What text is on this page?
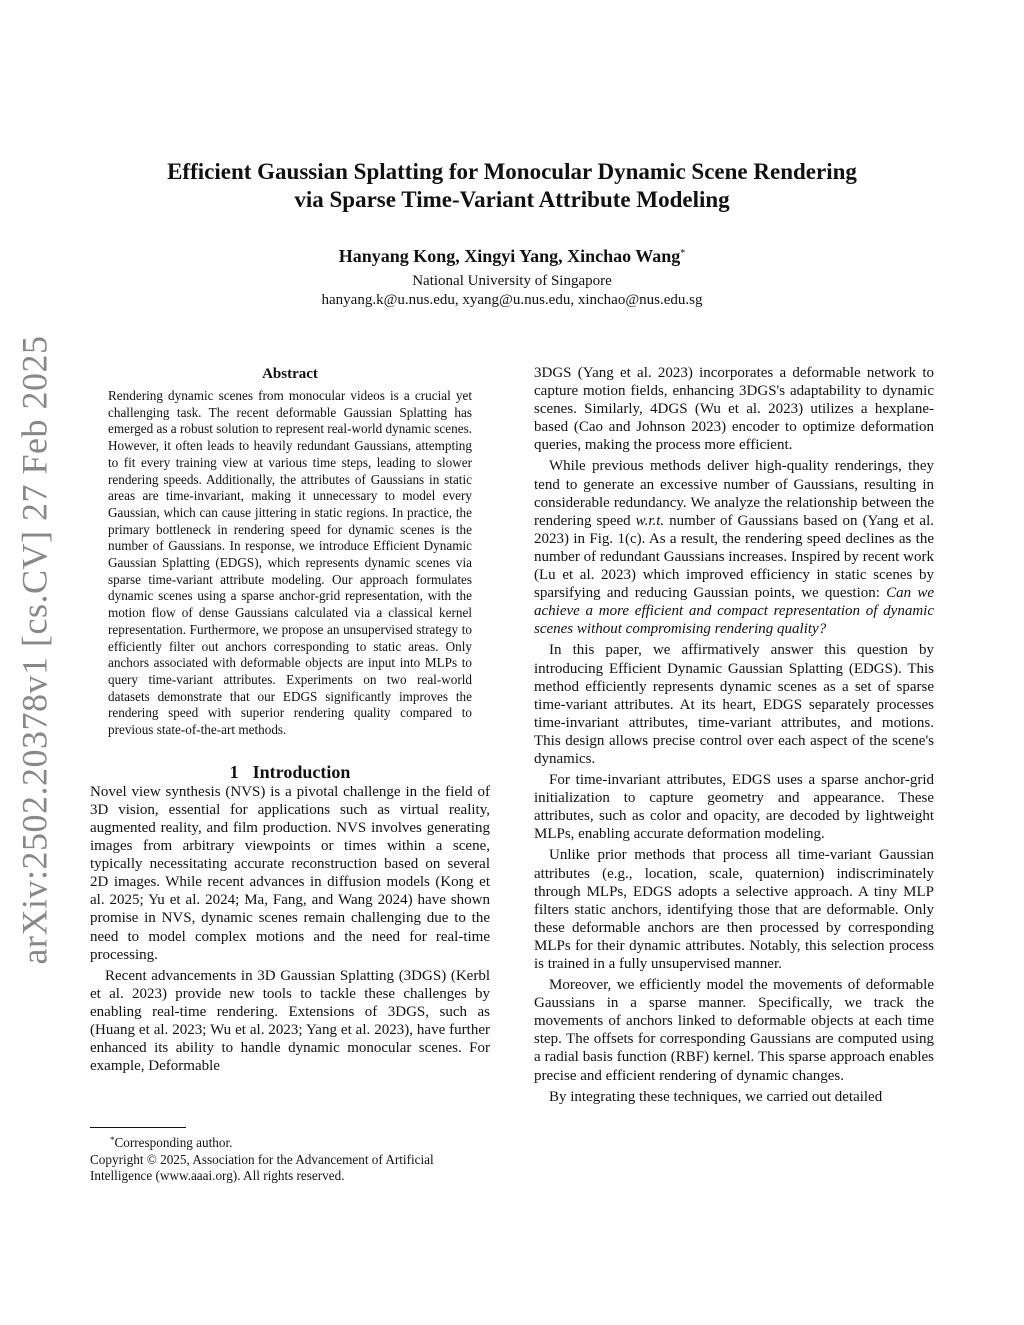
arXiv:2502.20378v1 [cs.CV] 27 Feb 2025
Efficient Gaussian Splatting for Monocular Dynamic Scene Rendering
via Sparse Time-Variant Attribute Modeling
Hanyang Kong, Xingyi Yang, Xinchao Wang*
National University of Singapore
hanyang.k@u.nus.edu, xyang@u.nus.edu, xinchao@nus.edu.sg
Abstract

Rendering dynamic scenes from monocular videos is a crucial yet challenging task. The recent deformable Gaussian Splatting has emerged as a robust solution to represent real-world dynamic scenes. However, it often leads to heavily redundant Gaussians, attempting to fit every training view at various time steps, leading to slower rendering speeds. Additionally, the attributes of Gaussians in static areas are time-invariant, making it unnecessary to model every Gaussian, which can cause jittering in static regions. In practice, the primary bottleneck in rendering speed for dynamic scenes is the number of Gaussians. In response, we introduce Efficient Dynamic Gaussian Splatting (EDGS), which represents dynamic scenes via sparse time-variant attribute modeling. Our approach formulates dynamic scenes using a sparse anchor-grid representation, with the motion flow of dense Gaussians calculated via a classical kernel representation. Furthermore, we propose an unsupervised strategy to efficiently filter out anchors corresponding to static areas. Only anchors associated with deformable objects are input into MLPs to query time-variant attributes. Experiments on two real-world datasets demonstrate that our EDGS significantly improves the rendering speed with superior rendering quality compared to previous state-of-the-art methods.

1 Introduction

Novel view synthesis (NVS) is a pivotal challenge in the field of 3D vision, essential for applications such as virtual reality, augmented reality, and film production. NVS involves generating images from arbitrary viewpoints or times within a scene, typically necessitating accurate reconstruction based on several 2D images. While recent advances in diffusion models (Kong et al. 2025; Yu et al. 2024; Ma, Fang, and Wang 2024) have shown promise in NVS, dynamic scenes remain challenging due to the need to model complex motions and the need for real-time processing.

Recent advancements in 3D Gaussian Splatting (3DGS) (Kerbl et al. 2023) provide new tools to tackle these challenges by enabling real-time rendering. Extensions of 3DGS, such as (Huang et al. 2023; Wu et al. 2023; Yang et al. 2023), have further enhanced its ability to handle dynamic monocular scenes. For example, Deformable

*Corresponding author.
Copyright © 2025, Association for the Advancement of Artificial Intelligence (www.aaai.org). All rights reserved.

3DGS (Yang et al. 2023) incorporates a deformable network to capture motion fields, enhancing 3DGS's adaptability to dynamic scenes. Similarly, 4DGS (Wu et al. 2023) utilizes a hexplane-based (Cao and Johnson 2023) encoder to optimize deformation queries, making the process more efficient.

While previous methods deliver high-quality renderings, they tend to generate an excessive number of Gaussians, resulting in considerable redundancy. We analyze the relationship between the rendering speed w.r.t. number of Gaussians based on (Yang et al. 2023) in Fig. 1(c). As a result, the rendering speed declines as the number of redundant Gaussians increases. Inspired by recent work (Lu et al. 2023) which improved efficiency in static scenes by sparsifying and reducing Gaussian points, we question: Can we achieve a more efficient and compact representation of dynamic scenes without compromising rendering quality?

In this paper, we affirmatively answer this question by introducing Efficient Dynamic Gaussian Splatting (EDGS). This method efficiently represents dynamic scenes as a set of sparse time-variant attributes. At its heart, EDGS separately processes time-invariant attributes, time-variant attributes, and motions. This design allows precise control over each aspect of the scene's dynamics.

For time-invariant attributes, EDGS uses a sparse anchor-grid initialization to capture geometry and appearance. These attributes, such as color and opacity, are decoded by lightweight MLPs, enabling accurate deformation modeling.

Unlike prior methods that process all time-variant Gaussian attributes (e.g., location, scale, quaternion) indiscriminately through MLPs, EDGS adopts a selective approach. A tiny MLP filters static anchors, identifying those that are deformable. Only these deformable anchors are then processed by corresponding MLPs for their dynamic attributes. Notably, this selection process is trained in a fully unsupervised manner.

Moreover, we efficiently model the movements of deformable Gaussians in a sparse manner. Specifically, we track the movements of anchors linked to deformable objects at each time step. The offsets for corresponding Gaussians are computed using a radial basis function (RBF) kernel. This sparse approach enables precise and efficient rendering of dynamic changes.

By integrating these techniques, we carried out detailed
